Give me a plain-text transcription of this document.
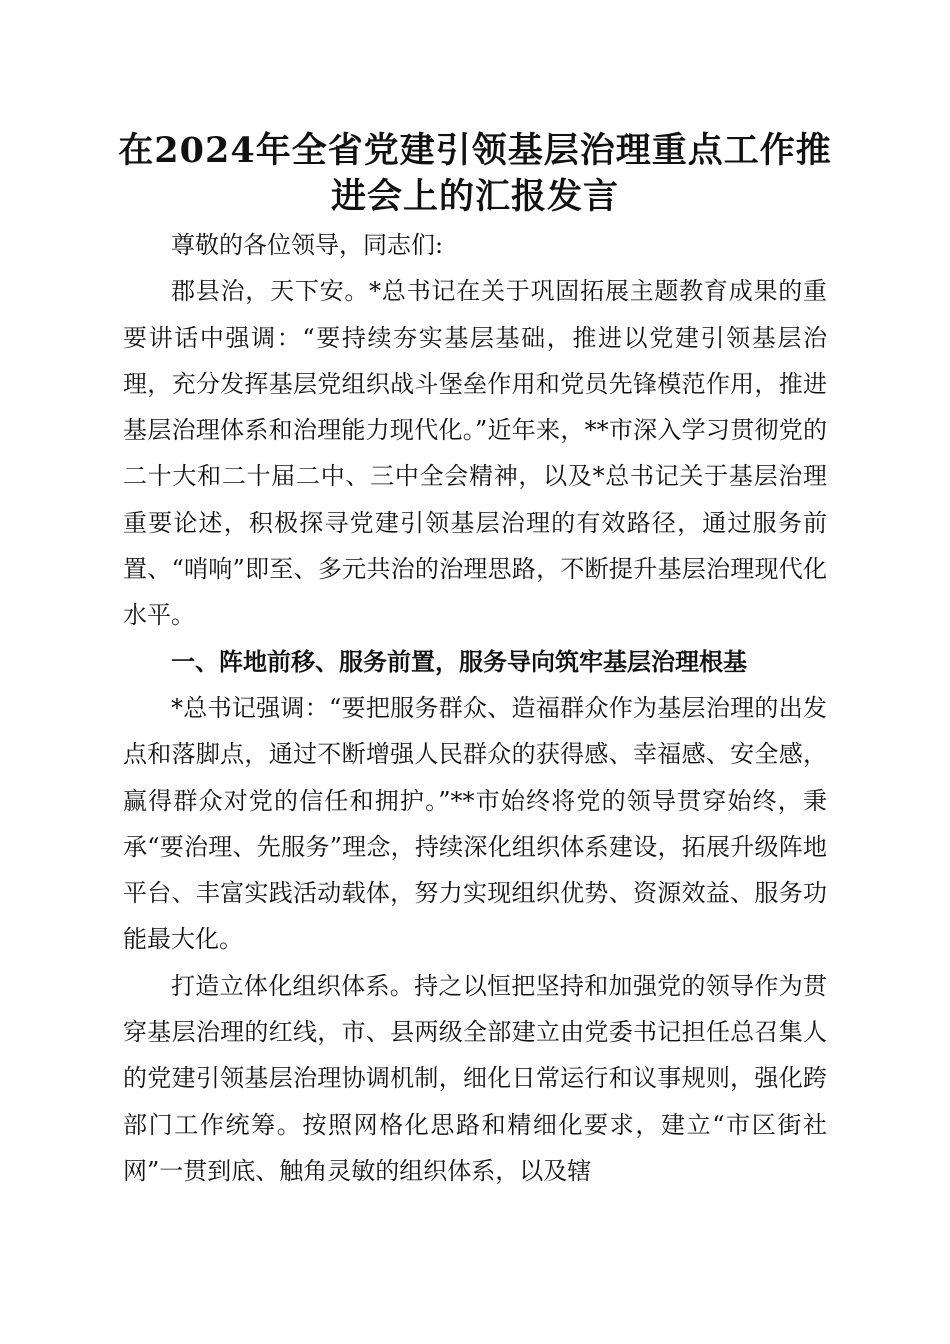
在2024年全省党建引领基层治理重点工作推进会上的汇报发言

尊敬的各位领导，同志们:

郡县治，天下安。*总书记在关于巩固拓展主题教育成果的重要讲话中强调：“要持续夯实基层基础，推进以党建引领基层治理，充分发挥基层党组织战斗堡垒作用和党员先锋模范作用，推进基层治理体系和治理能力现代化。”近年来，**市深入学习贯彻党的二十大和二十届二中、三中全会精神，以及*总书记关于基层治理重要论述，积极探寻党建引领基层治理的有效路径，通过服务前置、“哨响”即至、多元共治的治理思路，不断提升基层治理现代化水平。

一、阵地前移、服务前置，服务导向筑牢基层治理根基

*总书记强调：“要把服务群众、造福群众作为基层治理的出发点和落脚点，通过不断增强人民群众的获得感、幸福感、安全感，赢得群众对党的信任和拥护。”**市始终将党的领导贯穿始终，秉承“要治理、先服务”理念，持续深化组织体系建设，拓展升级阵地平台、丰富实践活动载体，努力实现组织优势、资源效益、服务功能最大化。

打造立体化组织体系。持之以恒把坚持和加强党的领导作为贯穿基层治理的红线，市、县两级全部建立由党委书记担任总召集人的党建引领基层治理协调机制，细化日常运行和议事规则，强化跨部门工作统筹。按照网格化思路和精细化要求，建立“市区街社网”一贯到底、触角灵敏的组织体系，以及辖
